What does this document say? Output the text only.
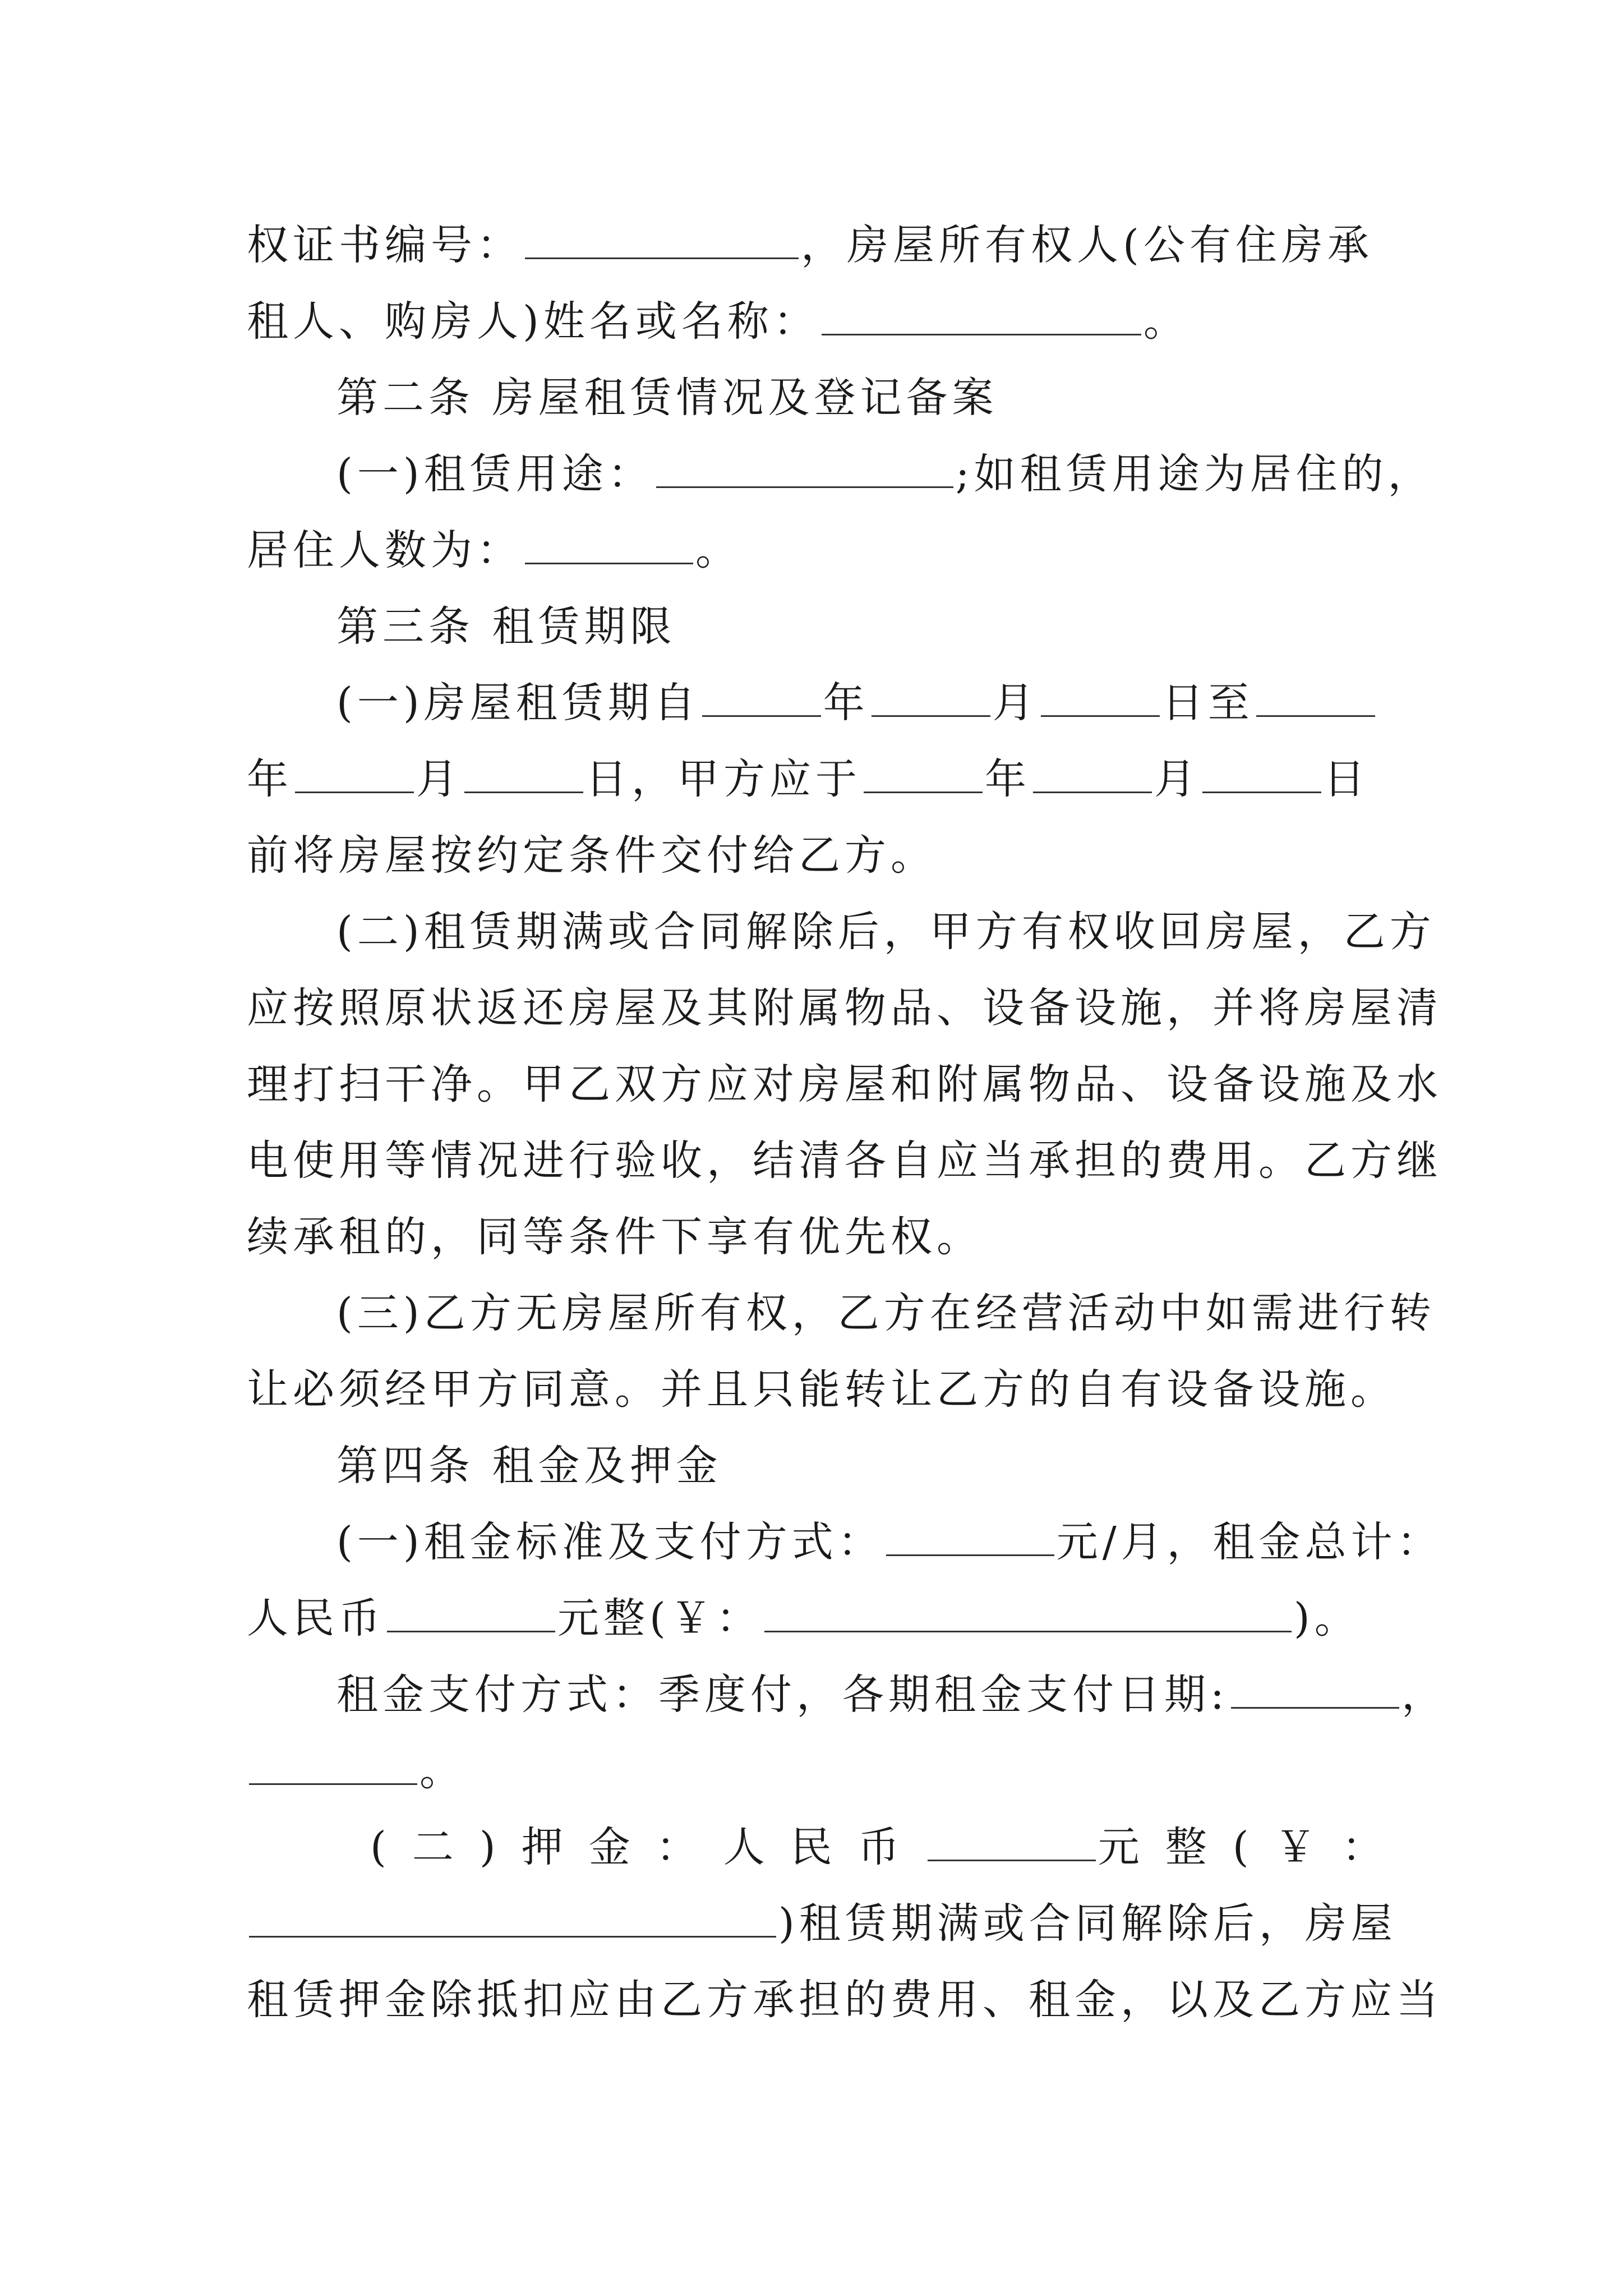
权证书编号：	，房屋所有权人(公有住房承
租人、购房人)姓名或名称：	。
第二条 房屋租赁情况及登记备案
(一)租赁用途：	;如租赁用途为居住的，
居住人数为：	。
第三条 租赁期限
(一)房屋租赁期自	年	月	日至
年	月	日，甲方应于	年	月	日
前将房屋按约定条件交付给乙方。
(二)租赁期满或合同解除后，甲方有权收回房屋，乙方
应按照原状返还房屋及其附属物品、设备设施，并将房屋清
理打扫干净。甲乙双方应对房屋和附属物品、设备设施及水
电使用等情况进行验收，结清各自应当承担的费用。乙方继
续承租的，同等条件下享有优先权。
(三)乙方无房屋所有权，乙方在经营活动中如需进行转
让必须经甲方同意。并且只能转让乙方的自有设备设施。
第四条 租金及押金
(一)租金标准及支付方式：	元/月，租金总计：
人民币	元整(￥：	)。
租金支付方式：季度付，各期租金支付日期:	，
。
(二)押金：人民币	元整(￥：
)租赁期满或合同解除后，房屋
租赁押金除抵扣应由乙方承担的费用、租金，以及乙方应当
